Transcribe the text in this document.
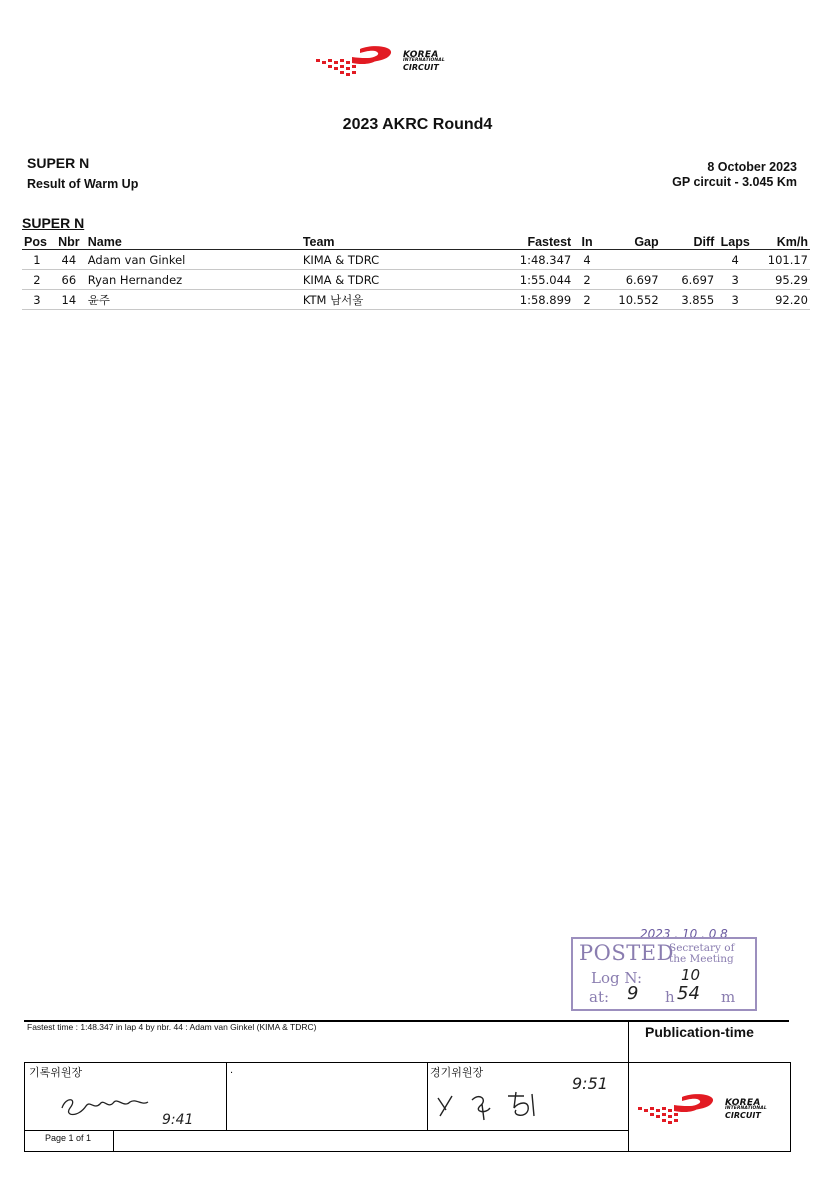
KOREA
INTERNATIONAL
CIRCUIT
2023 AKRC Round4
SUPER N
Result of Warm Up
8 October 2023
GP circuit - 3.045 Km
SUPER N
Pos	Nbr	Name	Team	Fastest	In	Gap	Diff	Laps	Km/h
1	44	Adam van Ginkel	KIMA & TDRC	1:48.347	4			4	101.17
2	66	Ryan Hernandez	KIMA & TDRC	1:55.044	2	6.697	6.697	3	95.29
3	14	윤주	KTM 남서울	1:58.899	2	10.552	3.855	3	92.20
2023 . 10 . 0 8
POSTED
Secretary of
the Meeting
Log N:
at:	h	m
10
9 54
Fastest time : 1:48.347 in lap 4 by nbr. 44 : Adam van Ginkel (KIMA & TDRC)	Publication-time
기록위원장	.	경기위원장
Page 1 of 1
9:41
9:51
KOREA
INTERNATIONAL
CIRCUIT
